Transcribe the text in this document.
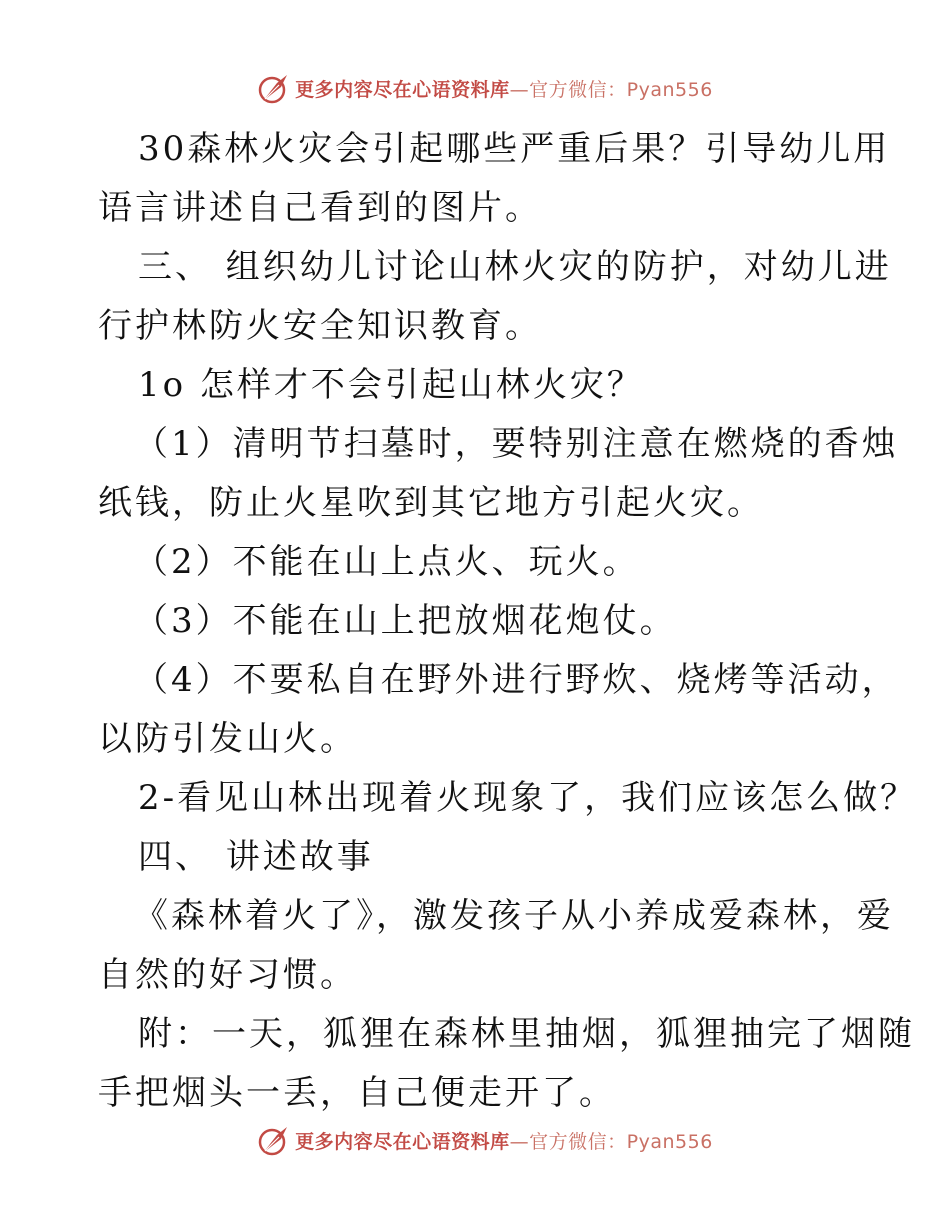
更多内容尽在心语资料库—官方微信：Pyan556
30森林火灾会引起哪些严重后果？引导幼儿用
语言讲述自己看到的图片。
三、 组织幼儿讨论山林火灾的防护，对幼儿进
行护林防火安全知识教育。
1o 怎样才不会引起山林火灾？
（1）清明节扫墓时，要特别注意在燃烧的香烛
纸钱，防止火星吹到其它地方引起火灾。
（2）不能在山上点火、玩火。
（3）不能在山上把放烟花炮仗。
（4）不要私自在野外进行野炊、烧烤等活动，
以防引发山火。
2-看见山林出现着火现象了，我们应该怎么做？
四、 讲述故事
《森林着火了》，激发孩子从小养成爱森林，爱
自然的好习惯。
附：一天，狐狸在森林里抽烟，狐狸抽完了烟随
手把烟头一丢，自己便走开了。
更多内容尽在心语资料库—官方微信：Pyan556
